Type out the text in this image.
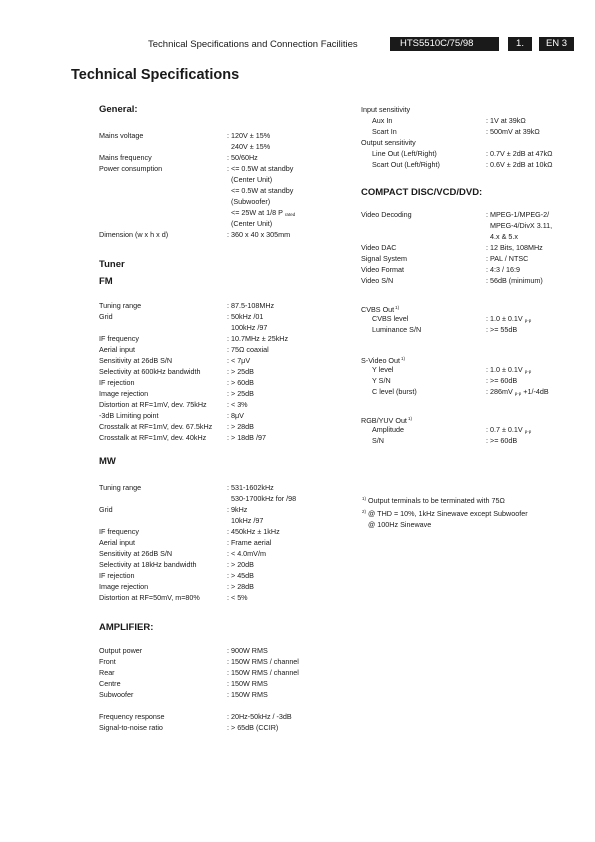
Technical Specifications and Connection Facilities	HTS5510C/75/98	1.	EN 3
Technical Specifications
General:
Mains voltage	: 120V ± 15%
240V ± 15%
Mains frequency	: 50/60Hz
Power consumption	: <= 0.5W at standby
(Center Unit)
<= 0.5W at standby
(Subwoofer)
<= 25W at 1/8 P $_{rated}$
(Center Unit)
Dimension (w x h x d)	: 360 x 40 x 305mm
Tuner
FM
Tuning range	: 87.5-108MHz
Grid	: 50kHz /01
100kHz /97
IF frequency	: 10.7MHz ± 25kHz
Aerial input	: 75Ω coaxial
Sensitivity at 26dB S/N	: < 7μV
Selectivity at 600kHz bandwidth	: > 25dB
IF rejection	: > 60dB
Image rejection	: > 25dB
Distortion at RF=1mV, dev. 75kHz	: < 3%
-3dB Limiting point	: 8μV
Crosstalk at RF=1mV, dev. 67.5kHz : > 28dB
Crosstalk at RF=1mV, dev. 40kHz	: > 18dB /97
MW
Tuning range	: 531-1602kHz
530-1700kHz for /98
Grid	: 9kHz
10kHz /97
IF frequency	: 450kHz ± 1kHz
Aerial input	: Frame aerial
Sensitivity at 26dB S/N	: < 4.0mV/m
Selectivity at 18kHz bandwidth	: > 20dB
IF rejection	: > 45dB
Image rejection	: > 28dB
Distortion at RF=50mV, m=80%	: < 5%
AMPLIFIER:
Output power	: 900W RMS
Front	: 150W RMS / channel
Rear	: 150W RMS / channel
Centre	: 150W RMS
Subwoofer	: 150W RMS
Frequency response	: 20Hz-50kHz / -3dB
Signal-to-noise ratio	: > 65dB (CCIR)
Input sensitivity
Aux In	: 1V at 39kΩ
Scart In	: 500mV at 39kΩ
Output sensitivity
Line Out (Left/Right)	: 0.7V ± 2dB at 47kΩ
Scart Out (Left/Right)	: 0.6V ± 2dB at 10kΩ
COMPACT DISC/VCD/DVD:
Video Decoding	: MPEG-1/MPEG-2/
MPEG-4/DivX 3.11,
4.x & 5.x
Video DAC	: 12 Bits, 108MHz
Signal System	: PAL / NTSC
Video Format	: 4:3 / 16:9
Video S/N	: 56dB (minimum)
CVBS Out$^{1)}$
CVBS level	: 1.0 ± 0.1V $_{p-p}$
Luminance S/N	: >= 55dB
S-Video Out$^{1)}$
Y level	: 1.0 ± 0.1V $_{p-p}$
Y S/N	: >= 60dB
C level (burst)	: 286mV $_{p-p}$ +1/-4dB
RGB/YUV Out$^{1)}$
Amplitude	: 0.7 ± 0.1V $_{p-p}$
S/N	: >= 60dB
$^{1)}$ Output terminals to be terminated with 75Ω
$^{2)}$ @ THD = 10%, 1kHz Sinewave except Subwoofer
@ 100Hz Sinewave
